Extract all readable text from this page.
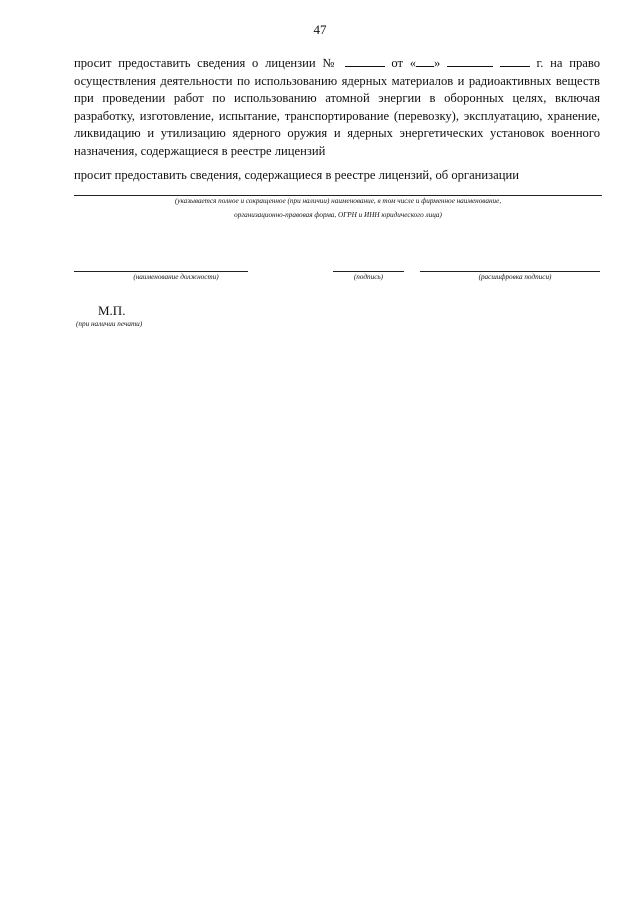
47
просит предоставить сведения о лицензии №	от « »	г. на право
осуществления деятельности по использованию ядерных материалов и радиоактивных веществ при проведении работ по использованию атомной энергии в оборонных целях, включая разработку, изготовление, испытание, транспортирование (перевозку), эксплуатацию, хранение, ликвидацию и утилизацию ядерного оружия и ядерных энергетических установок военного назначения, содержащиеся в реестре лицензий
просит предоставить сведения, содержащиеся в реестре лицензий, об организации
(указывается полное и сокращенное (при наличии) наименование, в том числе и фирменное наименование,
организационно-правовая форма, ОГРН и ИНН юридического лица)
(наименование должности)	(подпись)	(расшифровка подписи)
М.П.
(при наличии печати)
